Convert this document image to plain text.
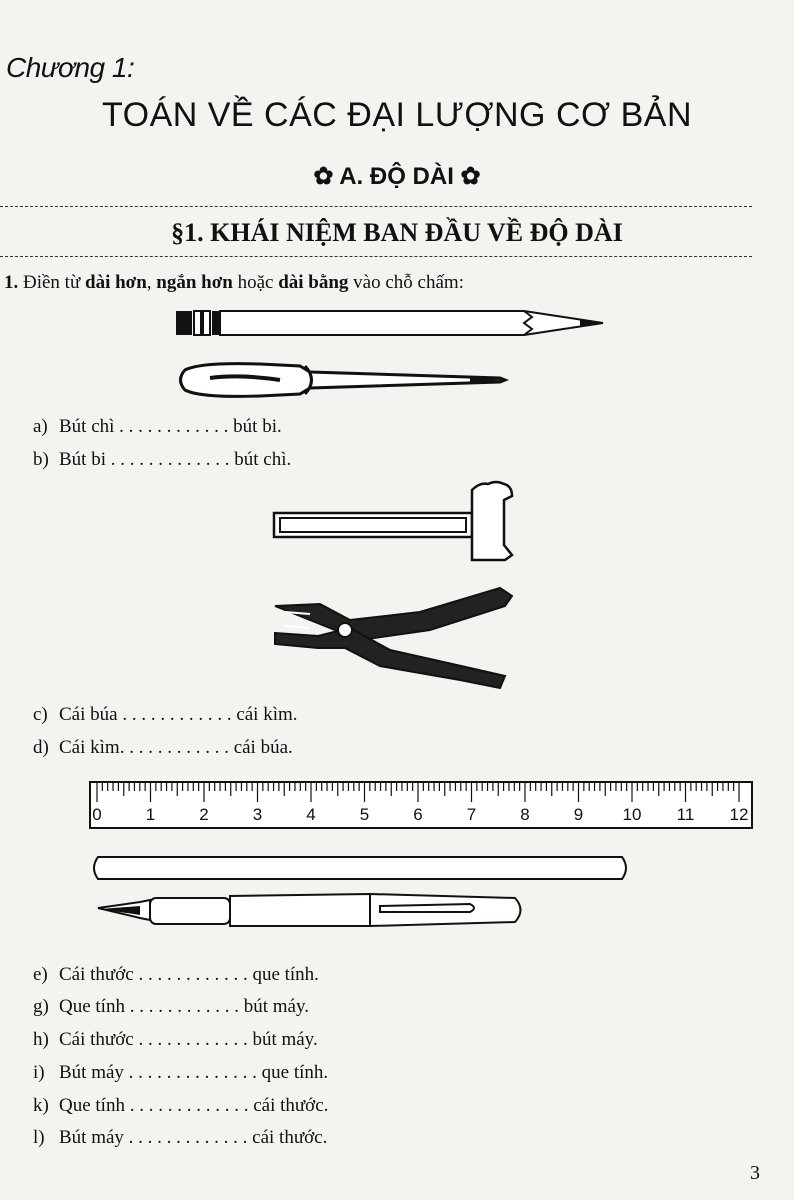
Chương 1:
TOÁN VỀ CÁC ĐẠI LƯỢNG CƠ BẢN
✿ A. ĐỘ DÀI ✿
§1. KHÁI NIỆM BAN ĐẦU VỀ ĐỘ DÀI
1. Điền từ dài hơn, ngắn hơn hoặc dài bằng vào chỗ chấm:
a) Bút chì . . . . . . . . . . . . bút bi.
b) Bút bi . . . . . . . . . . . . . bút chì.
c) Cái búa . . . . . . . . . . . . cái kìm.
d) Cái kìm. . . . . . . . . . . . cái búa.
0	1	2	3	4	5	6	7	8	9 10 11 12
e) Cái thước . . . . . . . . . . . . que tính.
g) Que tính . . . . . . . . . . . . bút máy.
h) Cái thước . . . . . . . . . . . . bút máy.
i) Bút máy . . . . . . . . . . . . . . que tính.
k) Que tính . . . . . . . . . . . . . cái thước.
l) Bút máy . . . . . . . . . . . . . cái thước.
3
